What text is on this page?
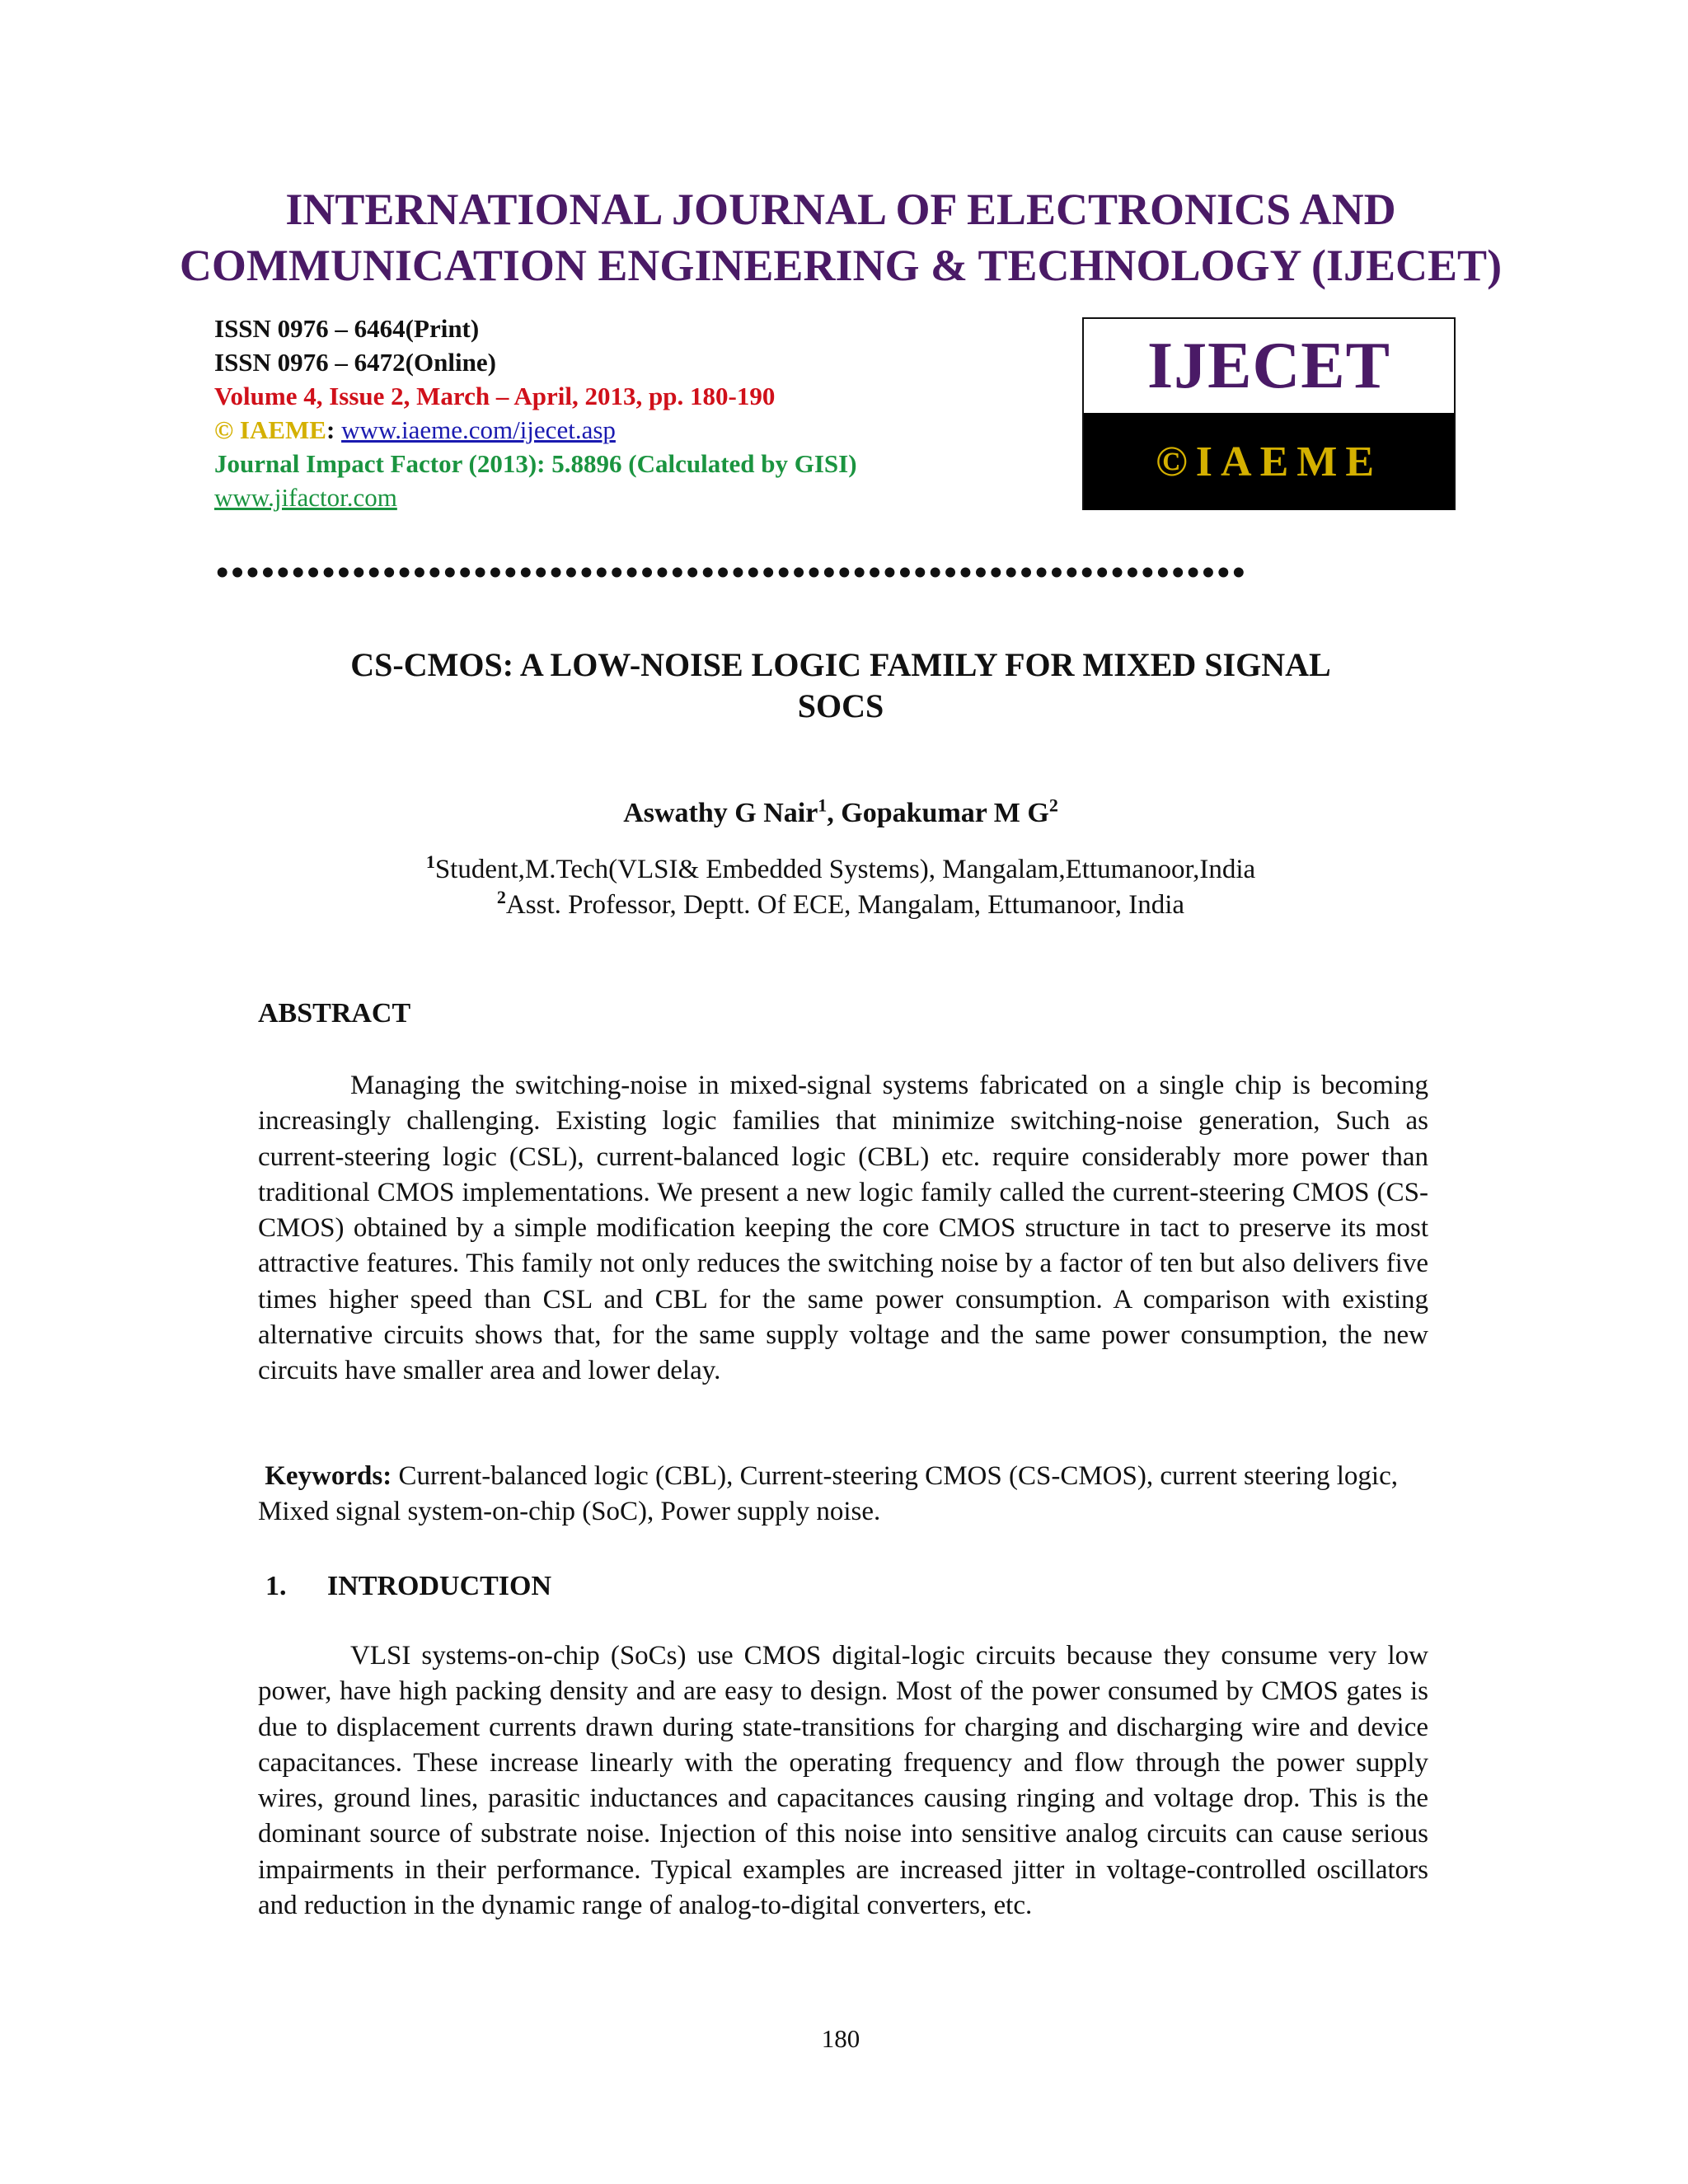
INTERNATIONAL JOURNAL OF ELECTRONICS AND
COMMUNICATION ENGINEERING & TECHNOLOGY (IJECET)
ISSN 0976 – 6464(Print)
ISSN 0976 – 6472(Online)
Volume 4, Issue 2, March – April, 2013, pp. 180-190
© IAEME: www.iaeme.com/ijecet.asp
Journal Impact Factor (2013): 5.8896 (Calculated by GISI)
www.jifactor.com
IJECET
©IAEME
••••••••••••••••••••••••••••••••••••••••••••••••••••••••••••••••••••
CS-CMOS: A LOW-NOISE LOGIC FAMILY FOR MIXED SIGNAL
SOCS
Aswathy G Nair$^1$, Gopakumar M $G^2$
$^1$Student,M.Tech(VLSI& Embedded Systems), Mangalam,Ettumanoor,India
$^2$Asst. Professor, Deptt. Of ECE, Mangalam, Ettumanoor, India
ABSTRACT
Managing the switching-noise in mixed-signal systems fabricated on a single chip is becoming increasingly challenging. Existing logic families that minimize switching-noise generation, Such as current-steering logic (CSL), current-balanced logic (CBL) etc. require considerably more power than traditional CMOS implementations. We present a new logic family called the current-steering CMOS (CS-CMOS) obtained by a simple modification keeping the core CMOS structure in tact to preserve its most attractive features. This family not only reduces the switching noise by a factor of ten but also delivers five times higher speed than CSL and CBL for the same power consumption. A comparison with existing alternative circuits shows that, for the same supply voltage and the same power consumption, the new circuits have smaller area and lower delay.
Keywords: Current-balanced logic (CBL), Current-steering CMOS (CS-CMOS), current steering logic, Mixed signal system-on-chip (SoC), Power supply noise.
1. INTRODUCTION
VLSI systems-on-chip (SoCs) use CMOS digital-logic circuits because they consume very low power, have high packing density and are easy to design. Most of the power consumed by CMOS gates is due to displacement currents drawn during state-transitions for charging and discharging wire and device capacitances. These increase linearly with the operating frequency and flow through the power supply wires, ground lines, parasitic inductances and capacitances causing ringing and voltage drop. This is the dominant source of substrate noise. Injection of this noise into sensitive analog circuits can cause serious impairments in their performance. Typical examples are increased jitter in voltage-controlled oscillators and reduction in the dynamic range of analog-to-digital converters, etc.
180
